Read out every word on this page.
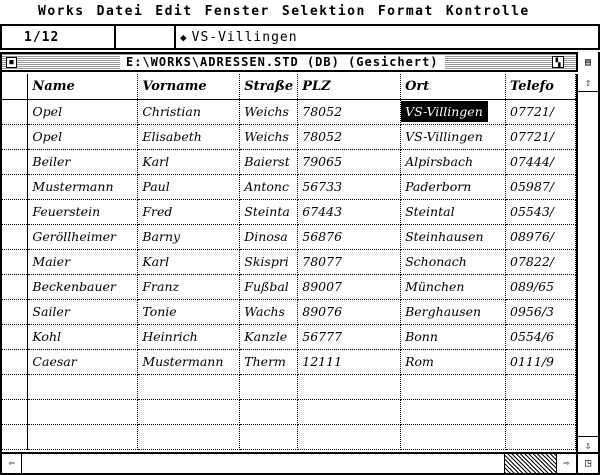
Works Datei Edit Fenster Selektion Format Kontrolle
1/12	◆ VS-Villingen
■	E:\WORKS\ADRESSEN.STD (DB) (Gesichert)	▚	▤
	Name	Vorname	Straße	PLZ	Ort	Telefo
	Opel	Christian	Weichs	78052	VS-Villingen	07721/
	Opel	Elisabeth	Weichs	78052	VS-Villingen	07721/
	Beiler	Karl	Baierst	79065	Alpirsbach	07444/
	Mustermann	Paul	Antonc	56733	Paderborn	05987/
	Feuerstein	Fred	Steinta	67443	Steintal	05543/
	Geröllheimer	Barny	Dinosa	56876	Steinhausen	08976/
	Maier	Karl	Skispri	78077	Schonach	07822/
	Beckenbauer	Franz	Fußbal	89007	München	089/65
	Sailer	Tonie	Wachs	89076	Berghausen	0956/3
	Kohl	Heinrich	Kanzle	56777	Bonn	0554/6
	Caesar	Mustermann	Therm	12111	Rom	0111/9

⇧
⇩
⇦	⇨	◳
